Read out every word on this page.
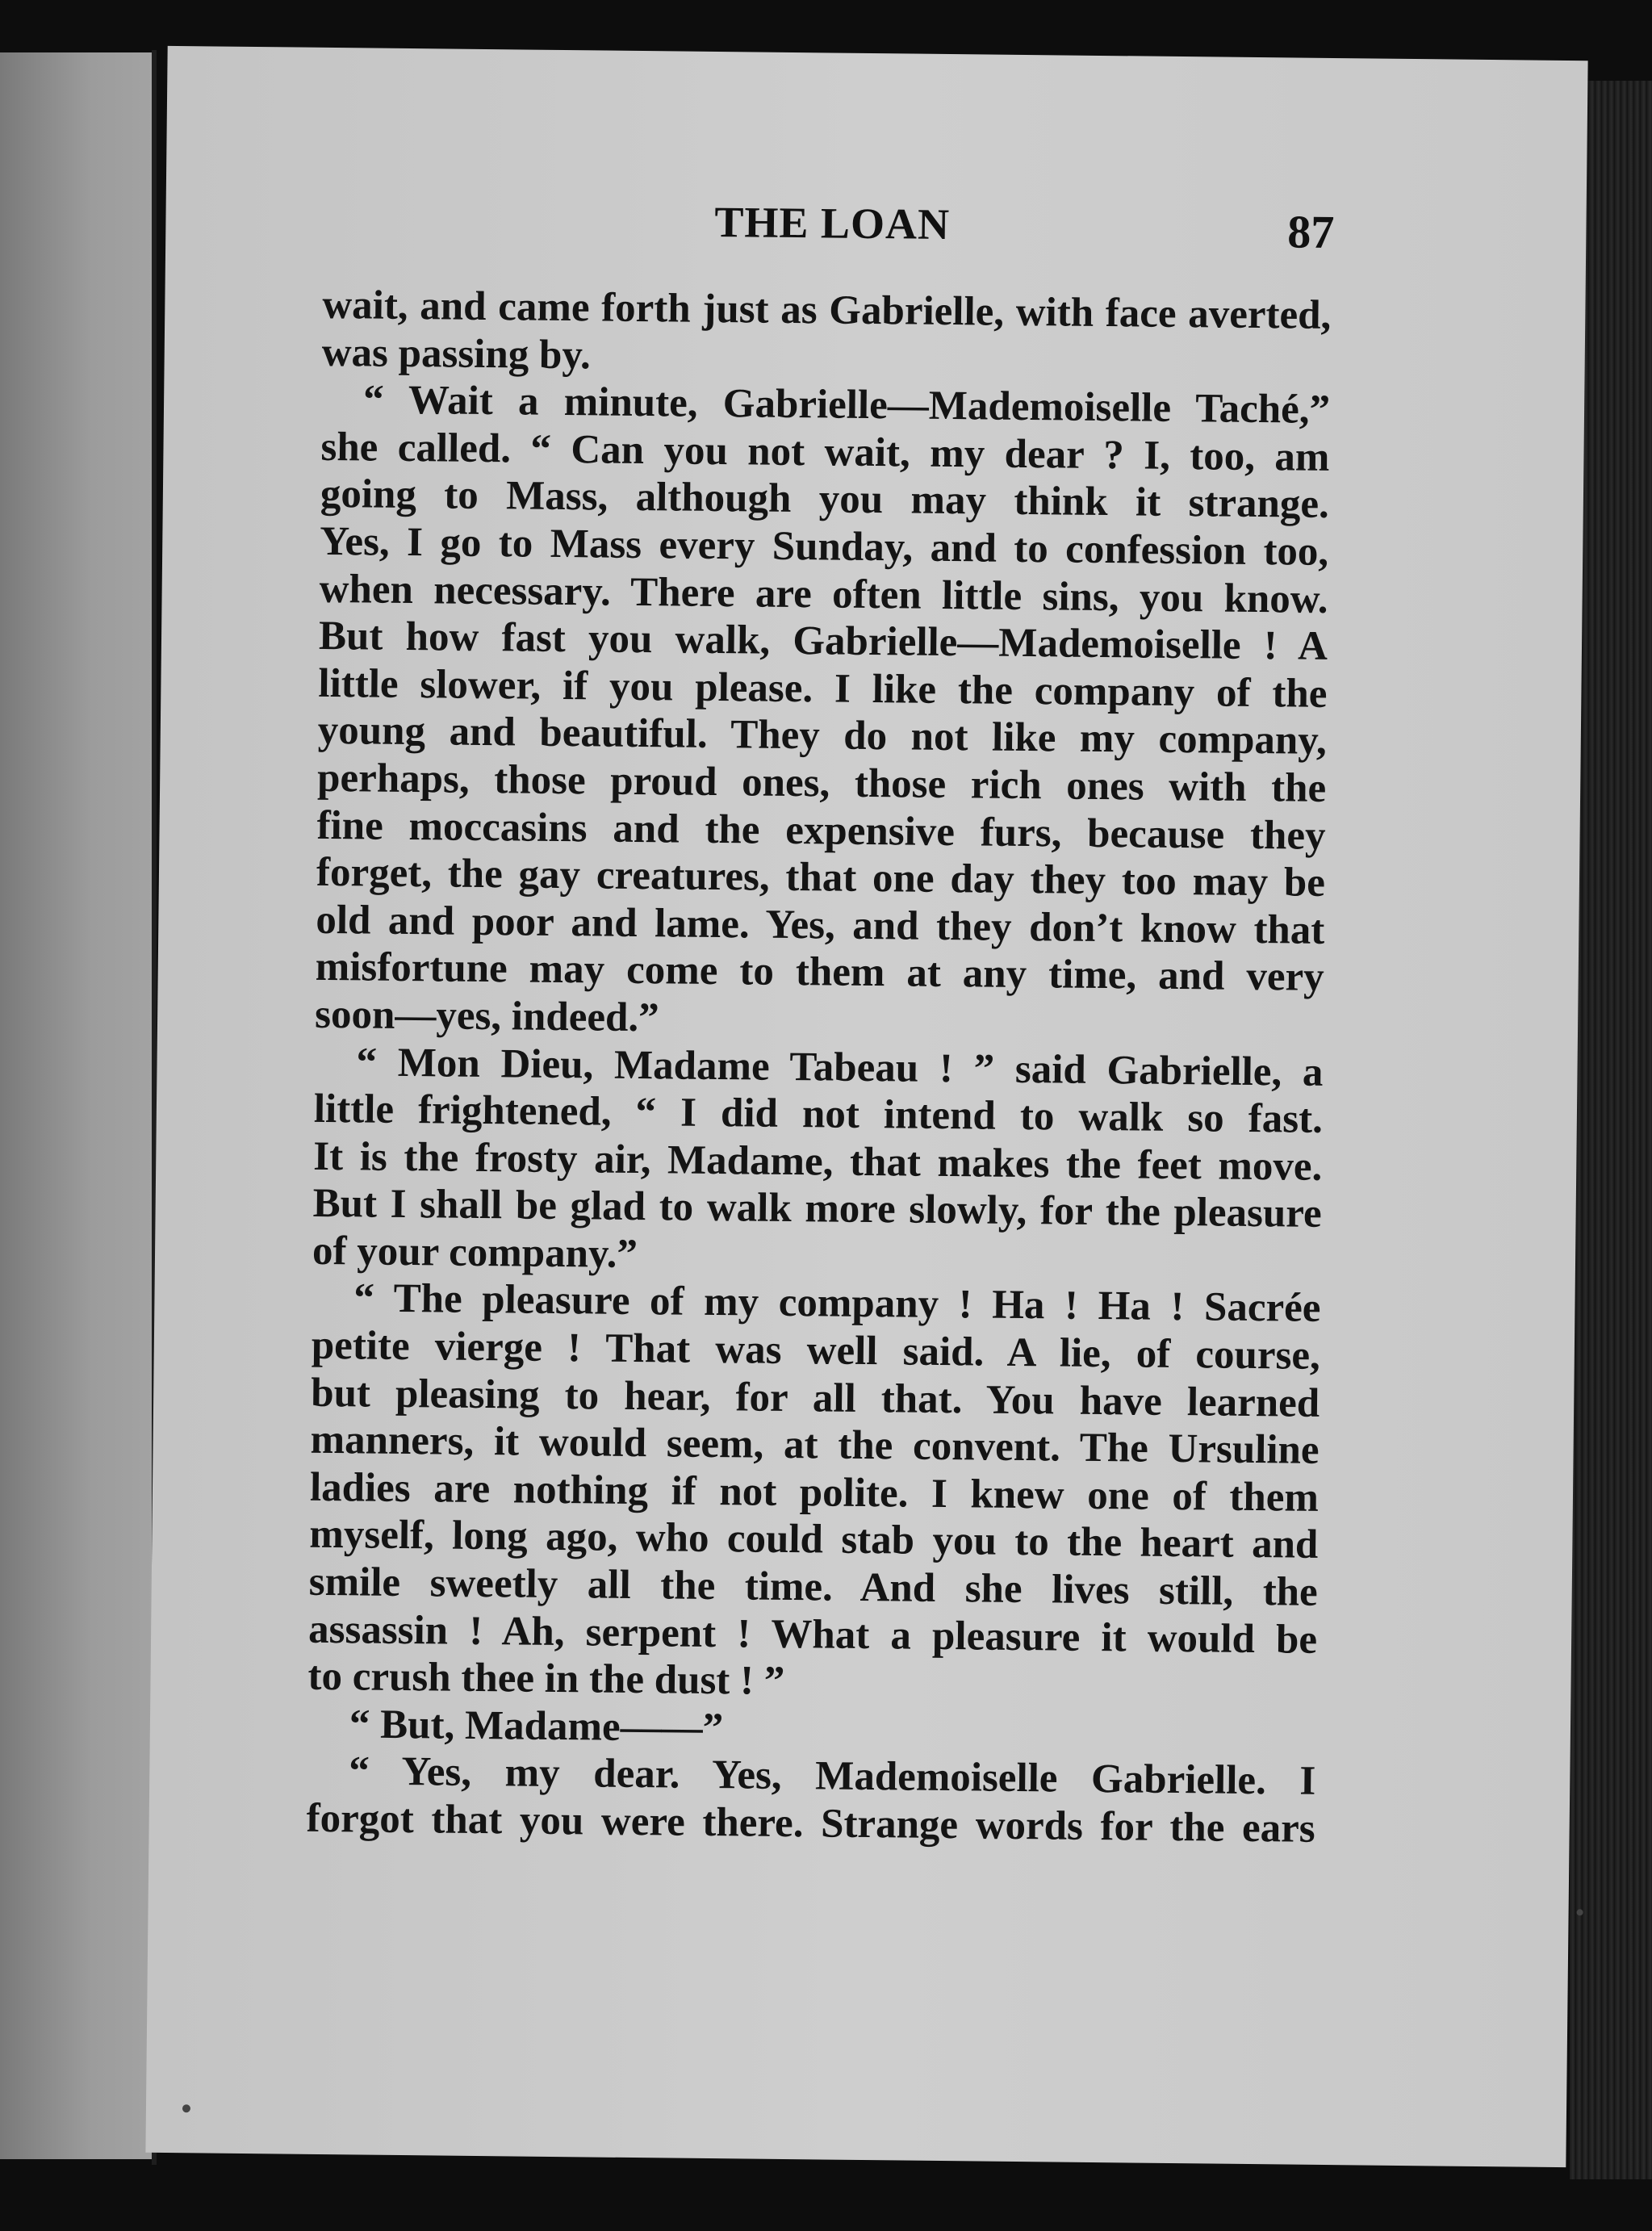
THE LOAN	87
wait, and came forth just as Gabrielle, with face averted,
was passing by.
“ Wait a minute, Gabrielle—Mademoiselle Taché,”
she called. “ Can you not wait, my dear ? I, too, am
going to Mass, although you may think it strange.
Yes, I go to Mass every Sunday, and to confession too,
when necessary. There are often little sins, you know.
But how fast you walk, Gabrielle—Mademoiselle ! A
little slower, if you please. I like the company of the
young and beautiful. They do not like my company,
perhaps, those proud ones, those rich ones with the
fine moccasins and the expensive furs, because they
forget, the gay creatures, that one day they too may be
old and poor and lame. Yes, and they don’t know that
misfortune may come to them at any time, and very
soon—yes, indeed.”
“ Mon Dieu, Madame Tabeau ! ” said Gabrielle, a
little frightened, “ I did not intend to walk so fast.
It is the frosty air, Madame, that makes the feet move.
But I shall be glad to walk more slowly, for the pleasure
of your company.”
“ The pleasure of my company ! Ha ! Ha ! Sacrée
petite vierge ! That was well said. A lie, of course,
but pleasing to hear, for all that. You have learned
manners, it would seem, at the convent. The Ursuline
ladies are nothing if not polite. I knew one of them
myself, long ago, who could stab you to the heart and
smile sweetly all the time. And she lives still, the
assassin ! Ah, serpent ! What a pleasure it would be
to crush thee in the dust ! ”
“ But, Madame——”
“ Yes, my dear. Yes, Mademoiselle Gabrielle. I
forgot that you were there. Strange words for the ears
